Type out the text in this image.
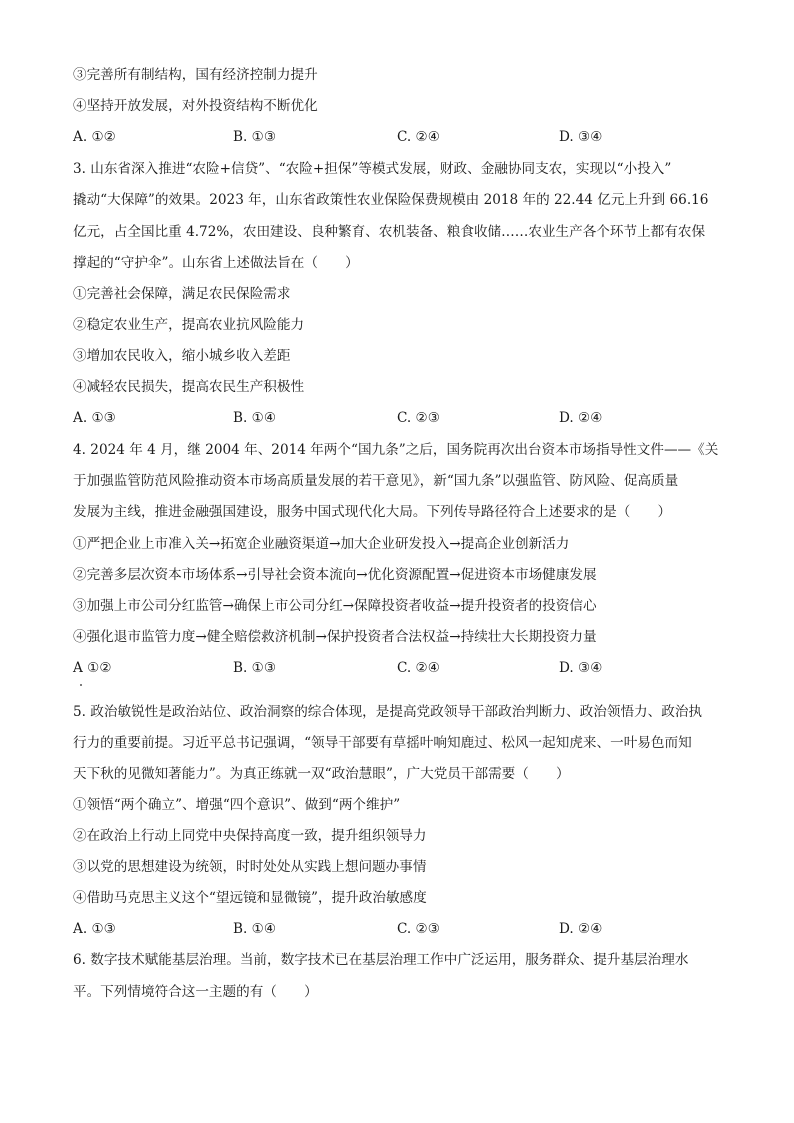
③完善所有制结构，国有经济控制力提升
④坚持开放发展，对外投资结构不断优化
A. ①②	B. ①③	C. ②④	D. ③④
3. 山东省深入推进“农险+信贷”、“农险+担保”等模式发展，财政、金融协同支农，实现以“小投入”
撬动“大保障”的效果。2023 年，山东省政策性农业保险保费规模由 2018 年的 22.44 亿元上升到 66.16
亿元，占全国比重 4.72%，农田建设、良种繁育、农机装备、粮食收储……农业生产各个环节上都有农保
撑起的“守护伞”。山东省上述做法旨在（　　）
①完善社会保障，满足农民保险需求
②稳定农业生产，提高农业抗风险能力
③增加农民收入，缩小城乡收入差距
④减轻农民损失，提高农民生产积极性
A. ①③	B. ①④	C. ②③	D. ②④
4. 2024 年 4 月，继 2004 年、2014 年两个“国九条”之后，国务院再次出台资本市场指导性文件——《关
于加强监管防范风险推动资本市场高质量发展的若干意见》，新“国九条”以强监管、防风险、促高质量
发展为主线，推进金融强国建设，服务中国式现代化大局。下列传导路径符合上述要求的是（　　）
①严把企业上市准入关→拓宽企业融资渠道→加大企业研发投入→提高企业创新活力
②完善多层次资本市场体系→引导社会资本流向→优化资源配置→促进资本市场健康发展
③加强上市公司分红监管→确保上市公司分红→保障投资者收益→提升投资者的投资信心
④强化退市监管力度→健全赔偿救济机制→保护投资者合法权益→持续壮大长期投资力量
A ①②	B. ①③	C. ②④	D. ③④
5. 政治敏锐性是政治站位、政治洞察的综合体现，是提高党政领导干部政治判断力、政治领悟力、政治执
行力的重要前提。习近平总书记强调，“领导干部要有草摇叶响知鹿过、松风一起知虎来、一叶易色而知
天下秋的见微知著能力”。为真正练就一双“政治慧眼”，广大党员干部需要（　　）
①领悟“两个确立”、增强“四个意识”、做到“两个维护”
②在政治上行动上同党中央保持高度一致，提升组织领导力
③以党的思想建设为统领，时时处处从实践上想问题办事情
④借助马克思主义这个“望远镜和显微镜”，提升政治敏感度
A. ①③	B. ①④	C. ②③	D. ②④
6. 数字技术赋能基层治理。当前，数字技术已在基层治理工作中广泛运用，服务群众、提升基层治理水
平。下列情境符合这一主题的有（　　）
